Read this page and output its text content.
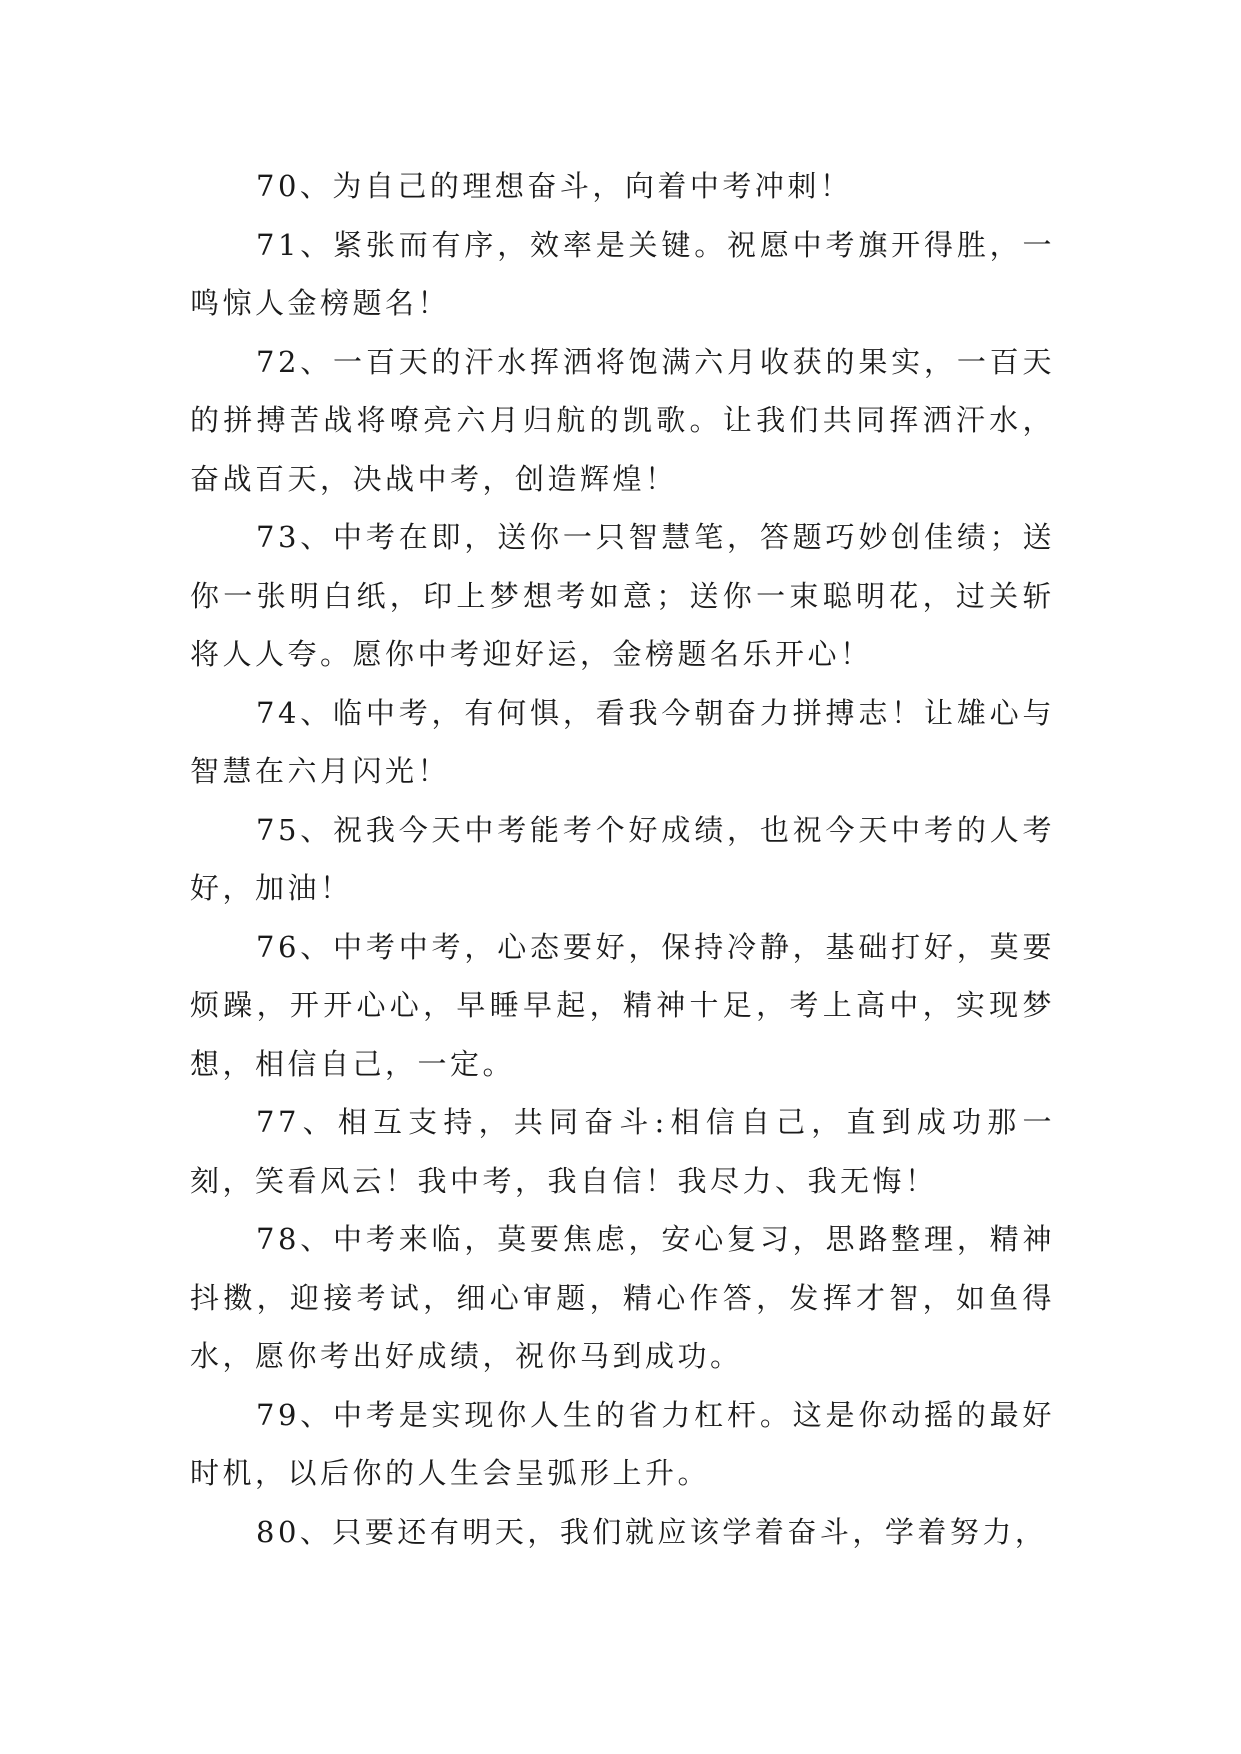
70、为自己的理想奋斗，向着中考冲刺！

71、紧张而有序，效率是关键。祝愿中考旗开得胜，一鸣惊人金榜题名！

72、一百天的汗水挥洒将饱满六月收获的果实，一百天的拼搏苦战将嘹亮六月归航的凯歌。让我们共同挥洒汗水，奋战百天，决战中考，创造辉煌！

73、中考在即，送你一只智慧笔，答题巧妙创佳绩；送你一张明白纸，印上梦想考如意；送你一束聪明花，过关斩将人人夸。愿你中考迎好运，金榜题名乐开心！

74、临中考，有何惧，看我今朝奋力拼搏志！让雄心与智慧在六月闪光！

75、祝我今天中考能考个好成绩，也祝今天中考的人考好，加油！

76、中考中考，心态要好，保持冷静，基础打好，莫要烦躁，开开心心，早睡早起，精神十足，考上高中，实现梦想，相信自己，一定。

77、相互支持，共同奋斗:相信自己，直到成功那一刻，笑看风云！我中考，我自信！我尽力、我无悔！

78、中考来临，莫要焦虑，安心复习，思路整理，精神抖擞，迎接考试，细心审题，精心作答，发挥才智，如鱼得水，愿你考出好成绩，祝你马到成功。

79、中考是实现你人生的省力杠杆。这是你动摇的最好时机，以后你的人生会呈弧形上升。

80、只要还有明天，我们就应该学着奋斗，学着努力，
